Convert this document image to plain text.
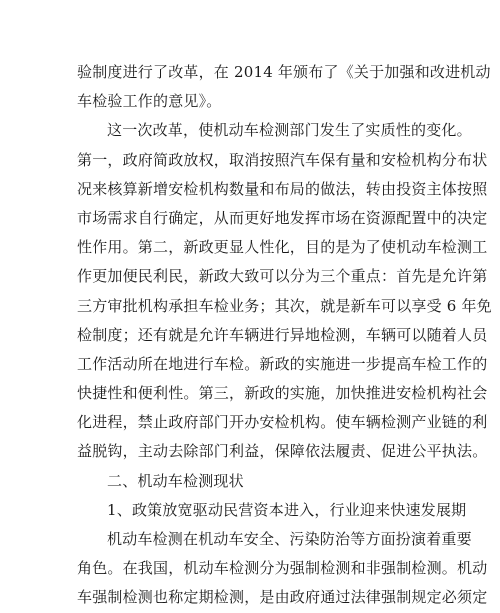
验制度进行了改革，在 2014 年颁布了《关于加强和改进机动
车检验工作的意见》。
这一次改革，使机动车检测部门发生了实质性的变化。
第一，政府简政放权，取消按照汽车保有量和安检机构分布状
况来核算新增安检机构数量和布局的做法，转由投资主体按照
市场需求自行确定，从而更好地发挥市场在资源配置中的决定
性作用。第二，新政更显人性化，目的是为了使机动车检测工
作更加便民利民，新政大致可以分为三个重点：首先是允许第
三方审批机构承担车检业务；其次，就是新车可以享受 6 年免
检制度；还有就是允许车辆进行异地检测，车辆可以随着人员
工作活动所在地进行车检。新政的实施进一步提高车检工作的
快捷性和便利性。第三，新政的实施，加快推进安检机构社会
化进程，禁止政府部门开办安检机构。使车辆检测产业链的利
益脱钩，主动去除部门利益，保障依法履责、促进公平执法。
二、机动车检测现状
1、政策放宽驱动民营资本进入，行业迎来快速发展期
机动车检测在机动车安全、污染防治等方面扮演着重要
角色。在我国，机动车检测分为强制检测和非强制检测。机动
车强制检测也称定期检测，是由政府通过法律强制规定必须定
